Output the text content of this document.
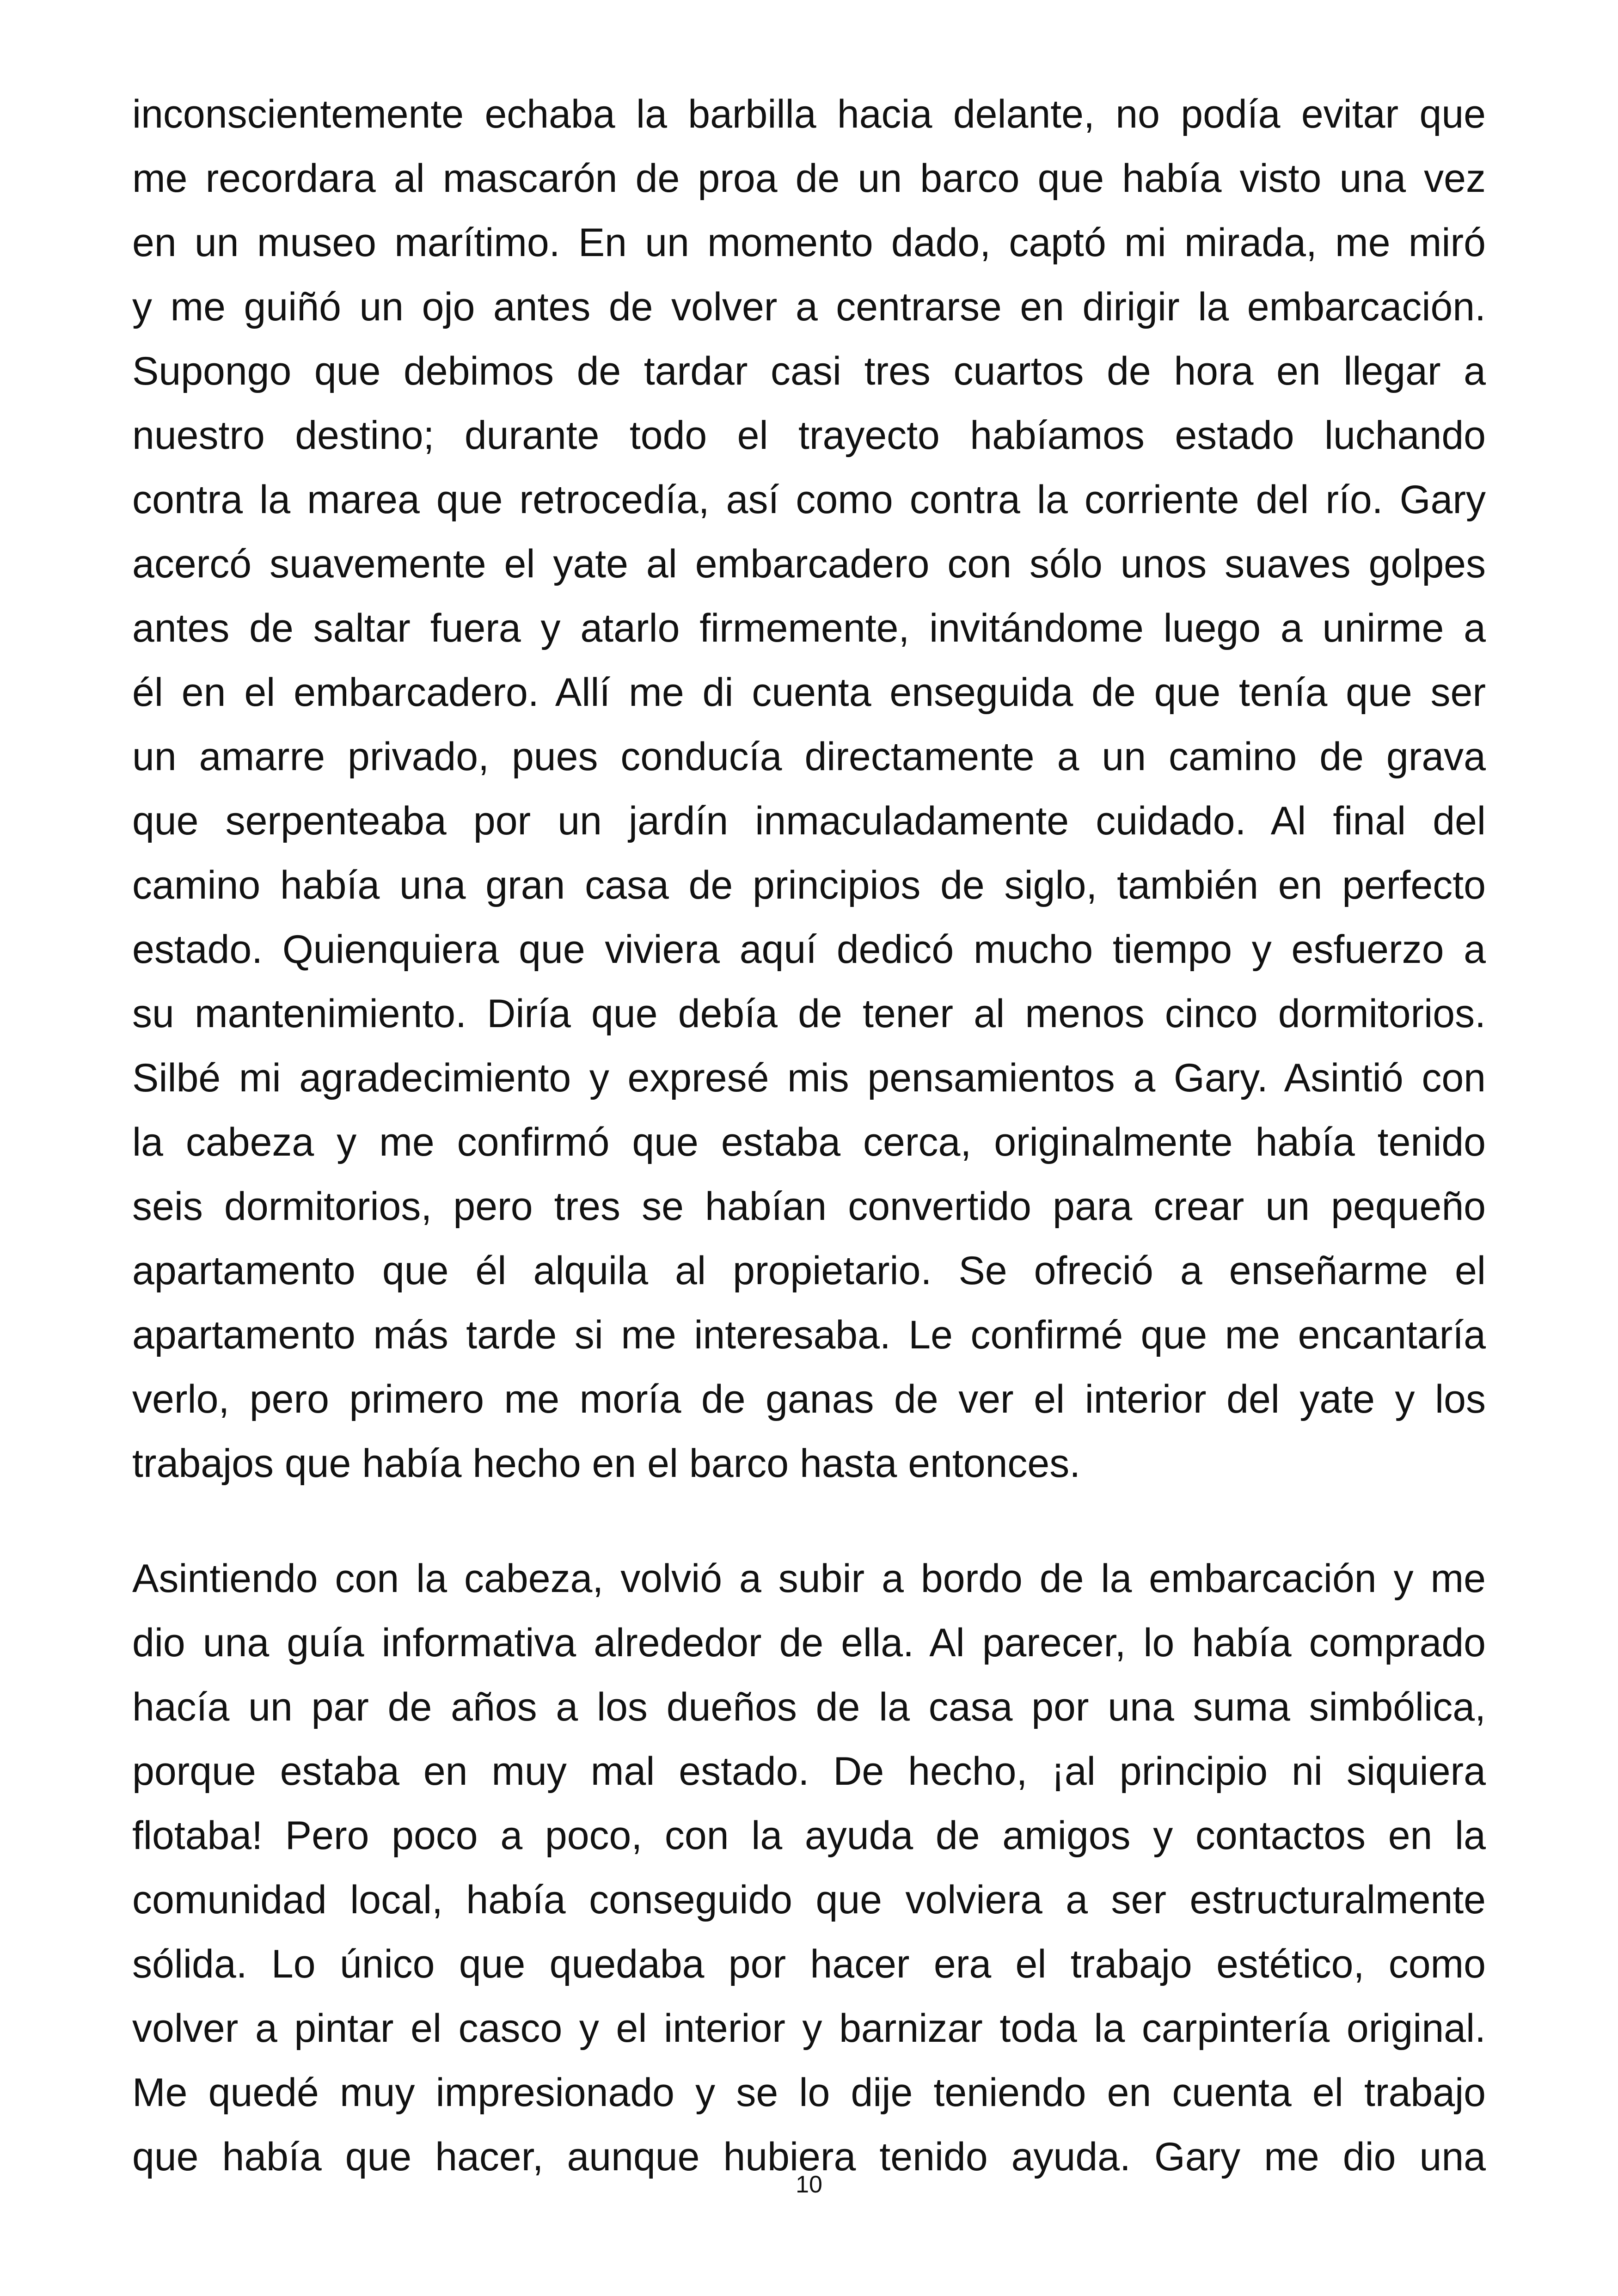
inconscientemente echaba la barbilla hacia delante, no podía evitar que
me recordara al mascarón de proa de un barco que había visto una vez
en un museo marítimo. En un momento dado, captó mi mirada, me miró
y me guiñó un ojo antes de volver a centrarse en dirigir la embarcación.
Supongo que debimos de tardar casi tres cuartos de hora en llegar a
nuestro destino; durante todo el trayecto habíamos estado luchando
contra la marea que retrocedía, así como contra la corriente del río. Gary
acercó suavemente el yate al embarcadero con sólo unos suaves golpes
antes de saltar fuera y atarlo firmemente, invitándome luego a unirme a
él en el embarcadero. Allí me di cuenta enseguida de que tenía que ser
un amarre privado, pues conducía directamente a un camino de grava
que serpenteaba por un jardín inmaculadamente cuidado. Al final del
camino había una gran casa de principios de siglo, también en perfecto
estado. Quienquiera que viviera aquí dedicó mucho tiempo y esfuerzo a
su mantenimiento. Diría que debía de tener al menos cinco dormitorios.
Silbé mi agradecimiento y expresé mis pensamientos a Gary. Asintió con
la cabeza y me confirmó que estaba cerca, originalmente había tenido
seis dormitorios, pero tres se habían convertido para crear un pequeño
apartamento que él alquila al propietario. Se ofreció a enseñarme el
apartamento más tarde si me interesaba. Le confirmé que me encantaría
verlo, pero primero me moría de ganas de ver el interior del yate y los
trabajos que había hecho en el barco hasta entonces.
Asintiendo con la cabeza, volvió a subir a bordo de la embarcación y me
dio una guía informativa alrededor de ella. Al parecer, lo había comprado
hacía un par de años a los dueños de la casa por una suma simbólica,
porque estaba en muy mal estado. De hecho, ¡al principio ni siquiera
flotaba! Pero poco a poco, con la ayuda de amigos y contactos en la
comunidad local, había conseguido que volviera a ser estructuralmente
sólida. Lo único que quedaba por hacer era el trabajo estético, como
volver a pintar el casco y el interior y barnizar toda la carpintería original.
Me quedé muy impresionado y se lo dije teniendo en cuenta el trabajo
que había que hacer, aunque hubiera tenido ayuda. Gary me dio una
10
